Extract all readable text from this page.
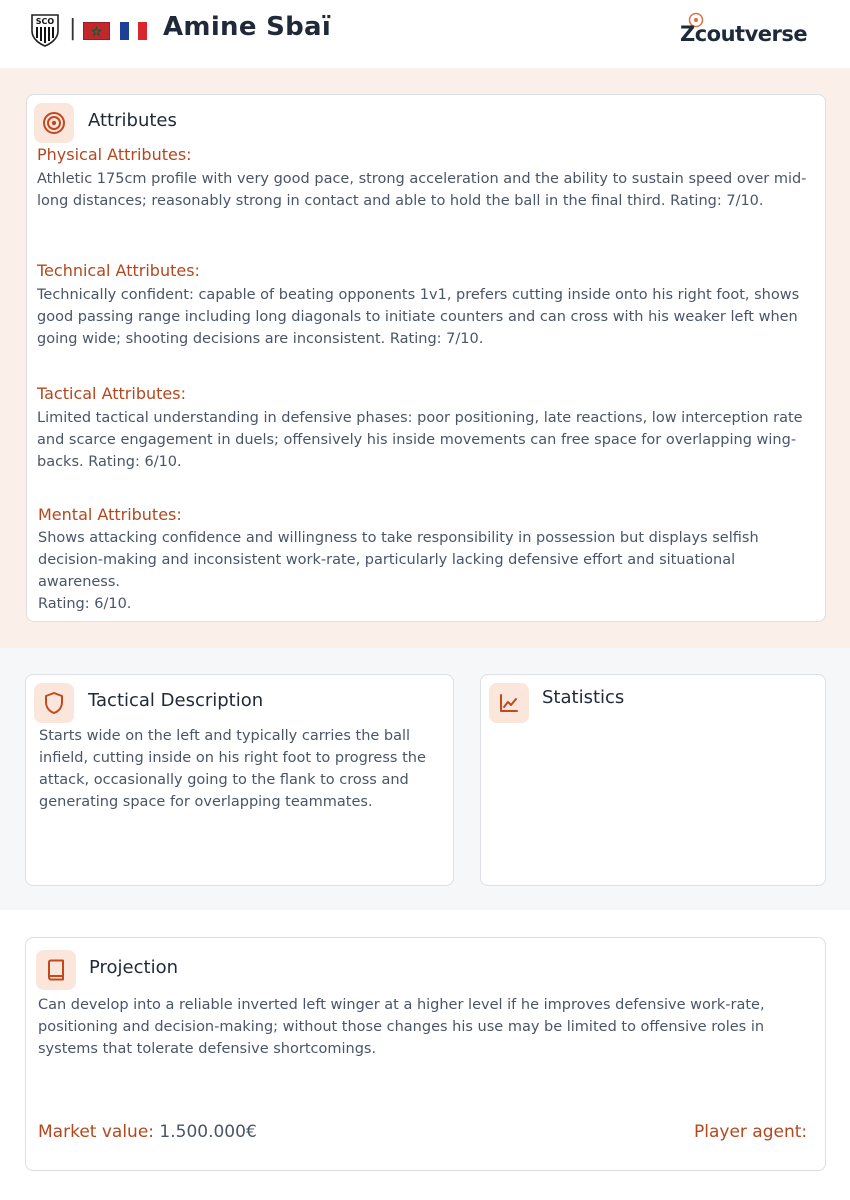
SCO |	Amine Sbaï	Zcoutverse
Attributes
Physical Attributes:
Athletic 175cm profile with very good pace, strong acceleration and the ability to sustain speed over mid-
long distances; reasonably strong in contact and able to hold the ball in the final third. Rating: 7/10.
Technical Attributes:
Technically confident: capable of beating opponents 1v1, prefers cutting inside onto his right foot, shows
good passing range including long diagonals to initiate counters and can cross with his weaker left when
going wide; shooting decisions are inconsistent. Rating: 7/10.
Tactical Attributes:
Limited tactical understanding in defensive phases: poor positioning, late reactions, low interception rate
and scarce engagement in duels; offensively his inside movements can free space for overlapping wing-
backs. Rating: 6/10.
Mental Attributes:
Shows attacking confidence and willingness to take responsibility in possession but displays selfish
decision-making and inconsistent work-rate, particularly lacking defensive effort and situational awareness.
Rating: 6/10.
Tactical Description
Starts wide on the left and typically carries the ball
infield, cutting inside on his right foot to progress the
attack, occasionally going to the flank to cross and
generating space for overlapping teammates.
Statistics
Projection
Can develop into a reliable inverted left winger at a higher level if he improves defensive work-rate,
positioning and decision-making; without those changes his use may be limited to offensive roles in
systems that tolerate defensive shortcomings.
Market value: 1.500.000€	Player agent:
